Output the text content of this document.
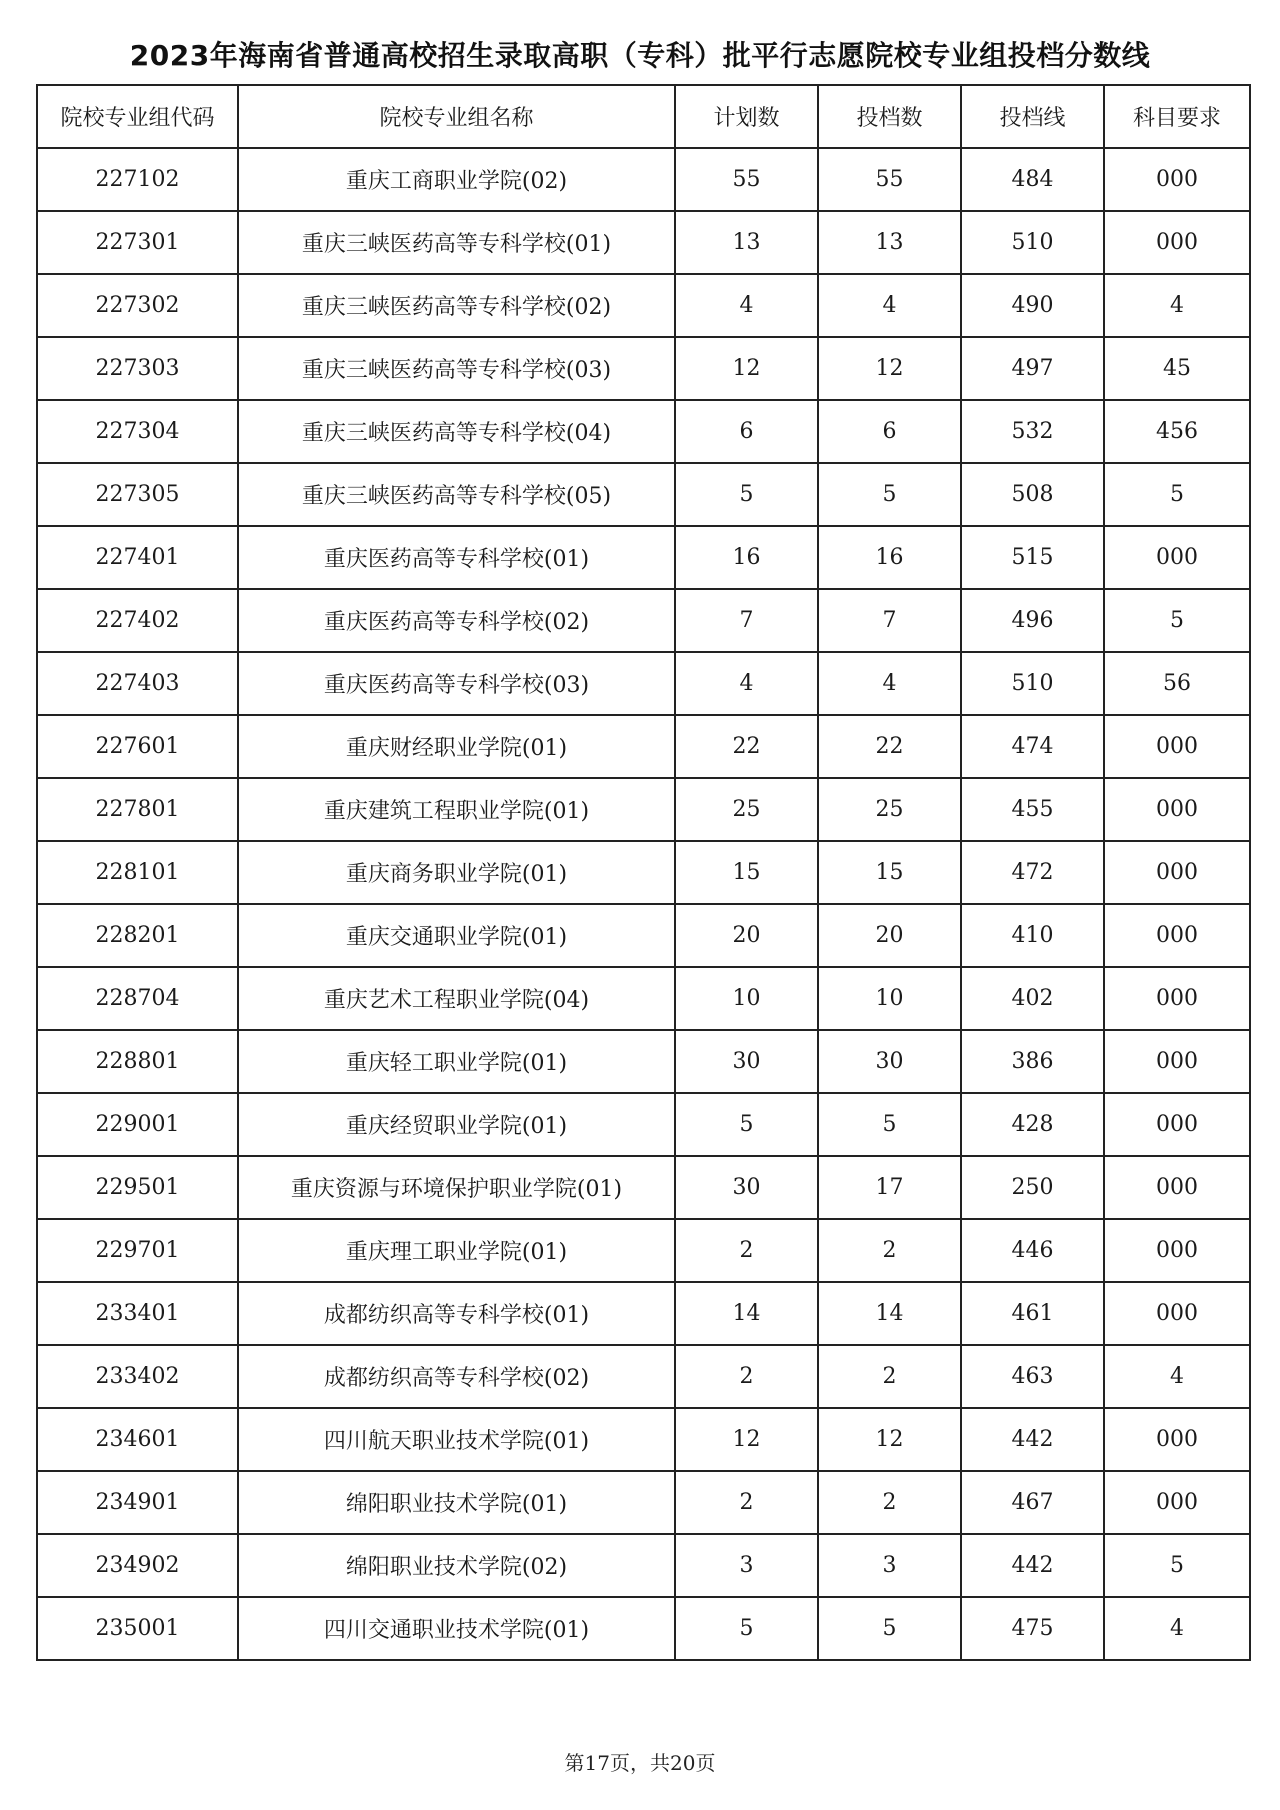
2023年海南省普通高校招生录取高职（专科）批平行志愿院校专业组投档分数线
院校专业组代码	院校专业组名称	计划数	投档数	投档线	科目要求
227102	重庆工商职业学院(02)	55	55	484	000
227301	重庆三峡医药高等专科学校(01)	13	13	510	000
227302	重庆三峡医药高等专科学校(02)	4	4	490	4
227303	重庆三峡医药高等专科学校(03)	12	12	497	45
227304	重庆三峡医药高等专科学校(04)	6	6	532	456
227305	重庆三峡医药高等专科学校(05)	5	5	508	5
227401	重庆医药高等专科学校(01)	16	16	515	000
227402	重庆医药高等专科学校(02)	7	7	496	5
227403	重庆医药高等专科学校(03)	4	4	510	56
227601	重庆财经职业学院(01)	22	22	474	000
227801	重庆建筑工程职业学院(01)	25	25	455	000
228101	重庆商务职业学院(01)	15	15	472	000
228201	重庆交通职业学院(01)	20	20	410	000
228704	重庆艺术工程职业学院(04)	10	10	402	000
228801	重庆轻工职业学院(01)	30	30	386	000
229001	重庆经贸职业学院(01)	5	5	428	000
229501	重庆资源与环境保护职业学院(01)	30	17	250	000
229701	重庆理工职业学院(01)	2	2	446	000
233401	成都纺织高等专科学校(01)	14	14	461	000
233402	成都纺织高等专科学校(02)	2	2	463	4
234601	四川航天职业技术学院(01)	12	12	442	000
234901	绵阳职业技术学院(01)	2	2	467	000
234902	绵阳职业技术学院(02)	3	3	442	5
235001	四川交通职业技术学院(01)	5	5	475	4
第17页，共20页
